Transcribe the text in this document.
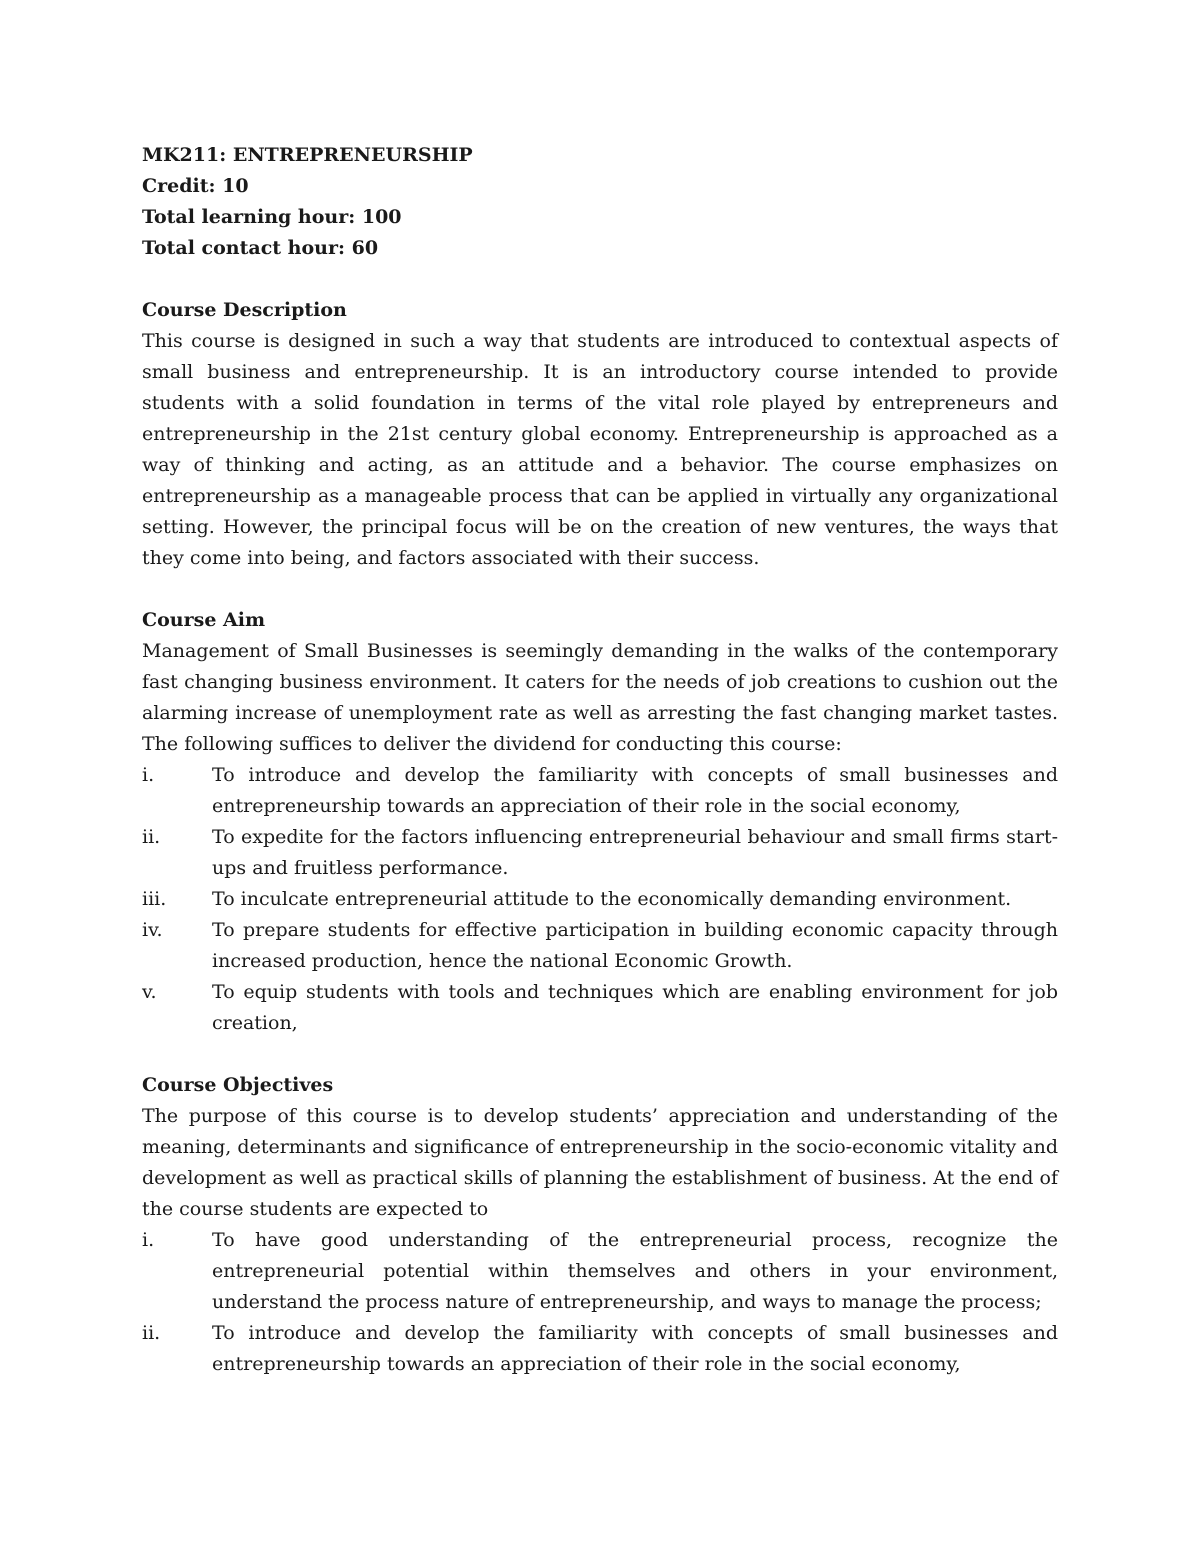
MK211: ENTREPRENEURSHIP
Credit: 10
Total learning hour: 100
Total contact hour: 60
Course Description

This course is designed in such a way that students are introduced to contextual aspects of small business and entrepreneurship. It is an introductory course intended to provide students with a solid foundation in terms of the vital role played by entrepreneurs and entrepreneurship in the 21st century global economy. Entrepreneurship is approached as a way of thinking and acting, as an attitude and a behavior. The course emphasizes on entrepreneurship as a manageable process that can be applied in virtually any organizational setting. However, the principal focus will be on the creation of new ventures, the ways that they come into being, and factors associated with their success.

Course Aim

Management of Small Businesses is seemingly demanding in the walks of the contemporary fast changing business environment. It caters for the needs of job creations to cushion out the alarming increase of unemployment rate as well as arresting the fast changing market tastes. The following suffices to deliver the dividend for conducting this course:

i.	To introduce and develop the familiarity with concepts of small businesses and entrepreneurship towards an appreciation of their role in the social economy,
ii.	To expedite for the factors influencing entrepreneurial behaviour and small firms start-ups and fruitless performance.
iii. To inculcate entrepreneurial attitude to the economically demanding environment.
iv.	To prepare students for effective participation in building economic capacity through increased production, hence the national Economic Growth.
v.	To equip students with tools and techniques which are enabling environment for job creation,
Course Objectives

The purpose of this course is to develop students’ appreciation and understanding of the meaning, determinants and significance of entrepreneurship in the socio-economic vitality and development as well as practical skills of planning the establishment of business. At the end of the course students are expected to

i.	To have good understanding of the entrepreneurial process, recognize the entrepreneurial potential within themselves and others in your environment, understand the process nature of entrepreneurship, and ways to manage the process;
ii.	To introduce and develop the familiarity with concepts of small businesses and entrepreneurship towards an appreciation of their role in the social economy,
